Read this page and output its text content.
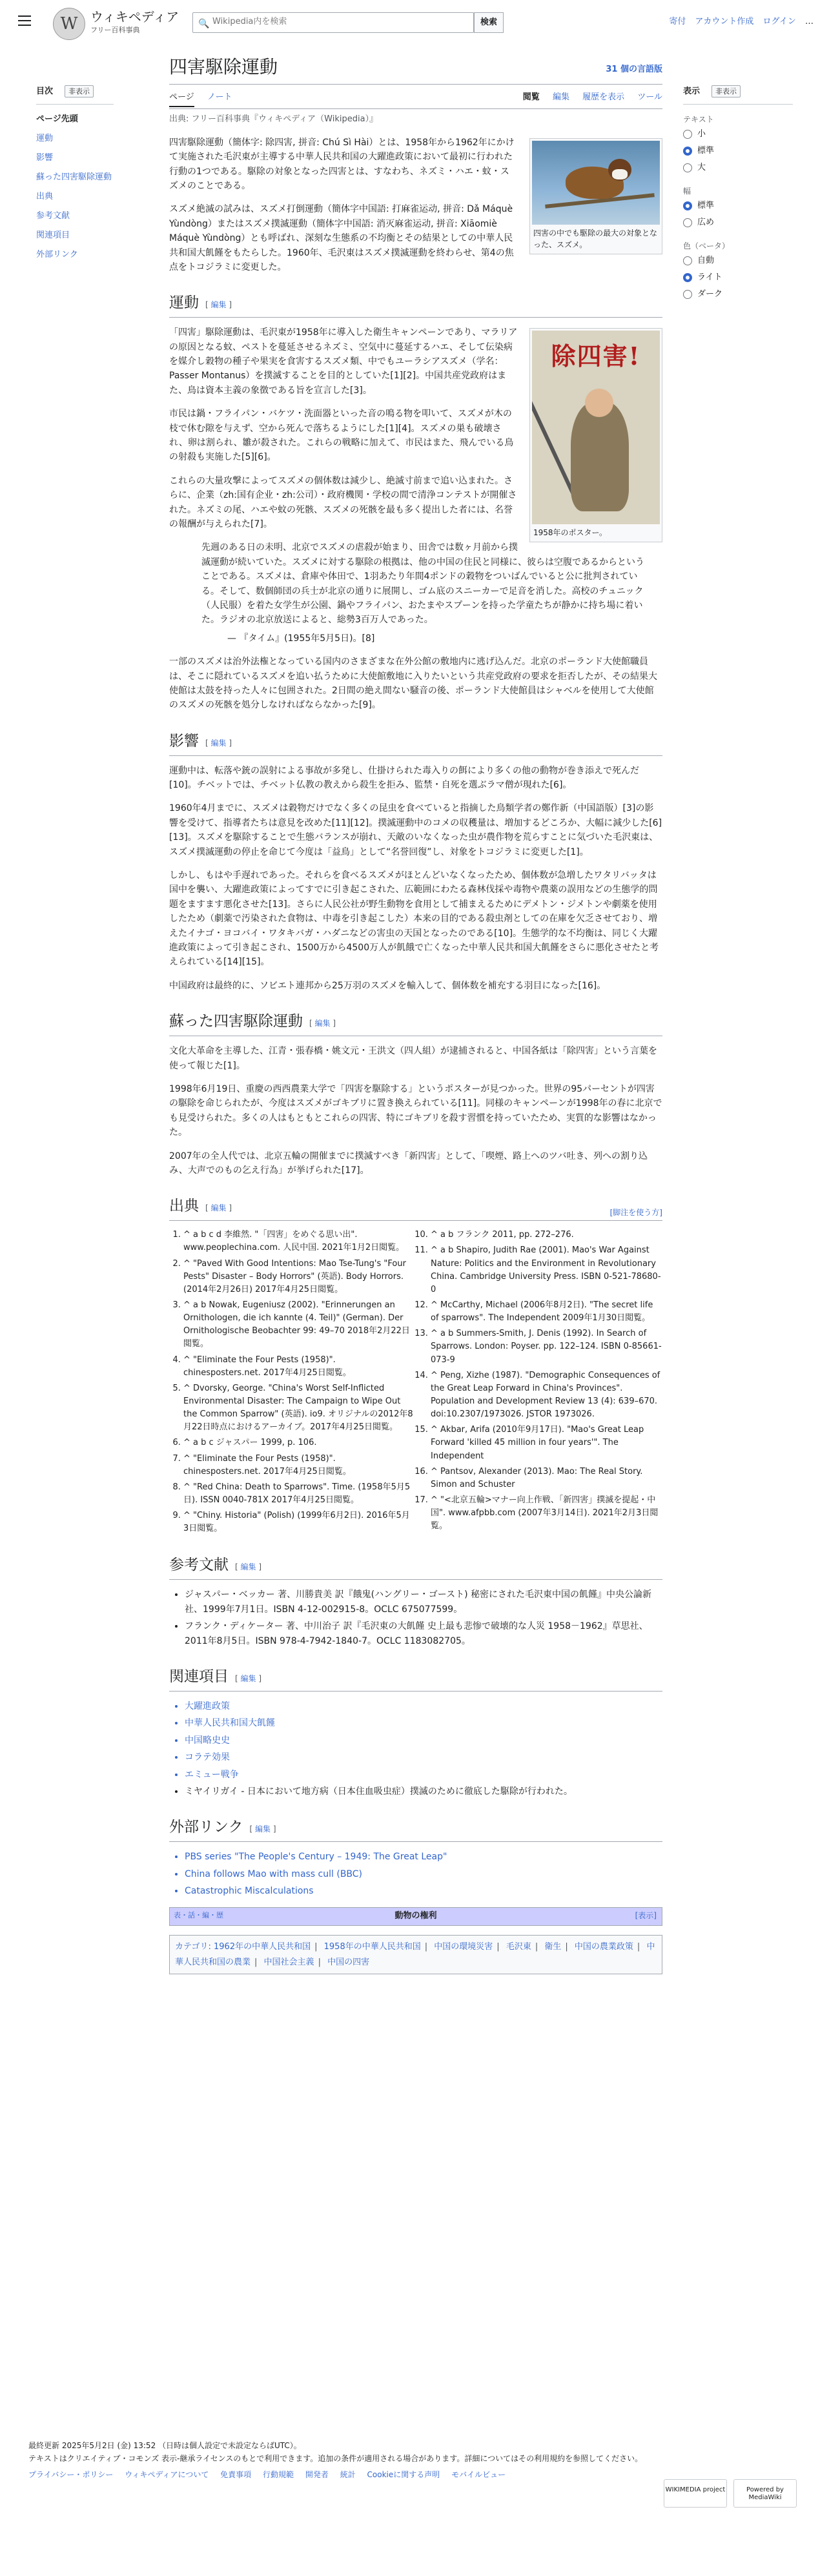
W ウィキペディア
フリー百科事典
🔍
Wikipedia内を検索	検索	寄付 アカウント作成 ログイン …
目次 非表示
ページ先頭
運動
影響
蘇った四害駆除運動
出典
参考文献
関連項目
外部リンク
四害駆除運動	31 個の言語版
ページ ノート	閲覧 編集 履歴を表示 ツール
出典: フリー百科事典『ウィキペディア（Wikipedia）』
四害の中でも駆除の最大の対象となった、スズメ。

四害駆除運動（簡体字: 除四害, 拼音: Chú Sì Hài）とは、1958年から1962年にかけて実施された毛沢東が主導する中華人民共和国の大躍進政策において最初に行われた行動の1つである。駆除の対象となった四害とは、すなわち、ネズミ・ハエ・蚊・スズメのことである。

スズメ絶滅の試みは、スズメ打倒運動（簡体字中国語: 打麻雀运动, 拼音: Dǎ Máquè Yùndòng）またはスズメ撲滅運動（簡体字中国語: 消灭麻雀运动, 拼音: Xiāomiè Máquè Yùndòng）とも呼ばれ、深刻な生態系の不均衡とその結果としての中華人民共和国大飢饉をもたらした。1960年、毛沢東はスズメ撲滅運動を終わらせ、第4の焦点をトコジラミに変更した。

運動 [ 編集 ]
除四害!
1958年のポスター。

「四害」駆除運動は、毛沢東が1958年に導入した衛生キャンペーンであり、マラリアの原因となる蚊、ペストを蔓延させるネズミ、空気中に蔓延するハエ、そして伝染病を媒介し穀物の種子や果実を食害するスズメ類、中でもユーラシアスズメ（学名：Passer Montanus）を撲滅することを目的としていた[1][2]。中国共産党政府はまた、鳥は資本主義の象徴である旨を宣言した[3]。

市民は鍋・フライパン・バケツ・洗面器といった音の鳴る物を叩いて、スズメが木の枝で休む隙を与えず、空から死んで落ちるようにした[1][4]。スズメの巣も破壊され、卵は割られ、雛が殺された。これらの戦略に加えて、市民はまた、飛んでいる鳥の射殺も実施した[5][6]。

これらの大量攻撃によってスズメの個体数は減少し、絶滅寸前まで追い込まれた。さらに、企業（zh:国有企业・zh:公司）・政府機関・学校の間で清浄コンテストが開催された。ネズミの尾、ハエや蚊の死骸、スズメの死骸を最も多く提出した者には、名誉の報酬が与えられた[7]。

先週のある日の未明、北京でスズメの虐殺が始まり、田舎では数ヶ月前から撲滅運動が続いていた。スズメに対する駆除の根拠は、他の中国の住民と同様に、彼らは空腹であるからということである。スズメは、倉庫や体田で、1羽あたり年間4ポンドの穀物をついばんでいると公に批判されている。そして、数個師団の兵士が北京の通りに展開し、ゴム底のスニーカーで足音を消した。高校のチュニック（人民服）を着た女学生が公園、鍋やフライパン、おたまやスプーンを持った学童たちが静かに持ち場に着いた。ラジオの北京放送によると、総勢3百万人であった。
— 『タイム』(1955年5月5日)。[8]

一部のスズメは治外法権となっている国内のさまざまな在外公館の敷地内に逃げ込んだ。北京のポーランド大使館職員は、そこに隠れているスズメを追い払うために大使館敷地に入りたいという共産党政府の要求を拒否したが、その結果大使館は太鼓を持った人々に包囲された。2日間の絶え間ない騒音の後、ポーランド大使館員はシャベルを使用して大使館のスズメの死骸を処分しなければならなかった[9]。

影響 [ 編集 ]

運動中は、転落や銃の誤射による事故が多発し、仕掛けられた毒入りの餌により多くの他の動物が巻き添えで死んだ[10]。チベットでは、チベット仏教の教えから殺生を拒み、監禁・自死を選ぶラマ僧が現れた[6]。

1960年4月までに、スズメは穀物だけでなく多くの昆虫を食べていると指摘した鳥類学者の鄭作新（中国語版）[3]の影響を受けて、指導者たちは意見を改めた[11][12]。撲滅運動中のコメの収穫量は、増加するどころか、大幅に減少した[6][13]。スズメを駆除することで生態バランスが崩れ、天敵のいなくなった虫が農作物を荒らすことに気づいた毛沢東は、スズメ撲滅運動の停止を命じて今度は「益鳥」として“名誉回復”し、対象をトコジラミに変更した[1]。

しかし、もはや手遅れであった。それらを食べるスズメがほとんどいなくなったため、個体数が急増したワタリバッタは国中を襲い、大躍進政策によってすでに引き起こされた、広範囲にわたる森林伐採や毒物や農薬の誤用などの生態学的問題をますます悪化させた[13]。さらに人民公社が野生動物を食用として捕まえるためにデメトン・ジメトンや劇薬を使用したため（劇薬で汚染された食物は、中毒を引き起こした）本来の目的である殺虫剤としての在庫を欠乏させており、増えたイナゴ・ヨコバイ・ワタキバガ・ハダニなどの害虫の天国となったのである[10]。生態学的な不均衡は、同じく大躍進政策によって引き起こされ、1500万から4500万人が飢餓で亡くなった中華人民共和国大飢饉をさらに悪化させたと考えられている[14][15]。

中国政府は最終的に、ソビエト連邦から25万羽のスズメを輸入して、個体数を補充する羽目になった[16]。

蘇った四害駆除運動 [ 編集 ]

文化大革命を主導した、江青・張春橋・姚文元・王洪文（四人組）が逮捕されると、中国各紙は「除四害」という言葉を使って報じた[1]。

1998年6月19日、重慶の西西農業大学で「四害を駆除する」というポスターが見つかった。世界の95パーセントが四害の駆除を命じられたが、今度はスズメがゴキブリに置き換えられている[11]。同様のキャンペーンが1998年の春に北京でも見受けられた。多くの人はもともとこれらの四害、特にゴキブリを殺す習慣を持っていたため、実質的な影響はなかった。

2007年の全人代では、北京五輪の開催までに撲滅すべき「新四害」として、「喫煙、路上へのツバ吐き、列への割り込み、大声でのもの乞え行為」が挙げられた[17]。

出典 [ 編集 ]	[脚注を使う方]
1. ^ a b c d 李維然. "「四害」をめぐる思い出". www.peoplechina.com. 人民中国. 2021年1月2日閲覧。
2. ^ "Paved With Good Intentions: Mao Tse-Tung's "Four Pests" Disaster – Body Horrors" (英語). Body Horrors. (2014年2月26日) 2017年4月25日閲覧。
3. ^ a b Nowak, Eugeniusz (2002). "Erinnerungen an Ornithologen, die ich kannte (4. Teil)" (German). Der Ornithologische Beobachter 99: 49–70 2018年2月22日閲覧。
4. ^ "Eliminate the Four Pests (1958)". chinesposters.net. 2017年4月25日閲覧。
5. ^ Dvorsky, George. "China's Worst Self-Inflicted Environmental Disaster: The Campaign to Wipe Out the Common Sparrow" (英語). io9. オリジナルの2012年8月22日時点におけるアーカイブ。2017年4月25日閲覧。
6. ^ a b c ジャスパー 1999, p. 106.
7. ^ "Eliminate the Four Pests (1958)". chinesposters.net. 2017年4月25日閲覧。
8. ^ "Red China: Death to Sparrows". Time. (1958年5月5日). ISSN 0040-781X 2017年4月25日閲覧。
9. ^ "Chiny. Historia" (Polish) (1999年6月2日). 2016年5月3日閲覧。
10. ^ a b フランク 2011, pp. 272–276.
11. ^ a b Shapiro, Judith Rae (2001). Mao's War Against Nature: Politics and the Environment in Revolutionary China. Cambridge University Press. ISBN 0-521-78680-0
12. ^ McCarthy, Michael (2006年8月2日). "The secret life of sparrows". The Independent 2009年1月30日閲覧。
13. ^ a b Summers-Smith, J. Denis (1992). In Search of Sparrows. London: Poyser. pp. 122–124. ISBN 0-85661-073-9
14. ^ Peng, Xizhe (1987). "Demographic Consequences of the Great Leap Forward in China's Provinces". Population and Development Review 13 (4): 639–670. doi:10.2307/1973026. JSTOR 1973026.
15. ^ Akbar, Arifa (2010年9月17日). "Mao's Great Leap Forward 'killed 45 million in four years'". The Independent
16. ^ Pantsov, Alexander (2013). Mao: The Real Story. Simon and Schuster
17. ^ "<北京五輪>マナー向上作戦、「新四害」撲滅を提起・中国". www.afpbb.com (2007年3月14日). 2021年2月3日閲覧。
参考文献 [ 編集 ]
• ジャスパー・ベッカー 著、川勝貴美 訳『餓鬼(ハングリー・ゴースト) 秘密にされた毛沢東中国の飢饉』中央公論新社、1999年7月1日。ISBN 4-12-002915-8。OCLC 675077599。
• フランク・ディケーター 著、中川治子 訳『毛沢東の大飢饉 史上最も悲惨で破壊的な人災 1958－1962』草思社、2011年8月5日。ISBN 978-4-7942-1840-7。OCLC 1183082705。
関連項目 [ 編集 ]
• 大躍進政策
• 中華人民共和国大飢饉
• 中国略史史
• コラテ効果
• エミュー戦争
• ミヤイリガイ - 日本において地方病（日本住血吸虫症）撲滅のために徹底した駆除が行われた。
外部リンク [ 編集 ]
• PBS series "The People's Century – 1949: The Great Leap"
• China follows Mao with mass cull (BBC)
• Catastrophic Miscalculations
表・話・編・歴	動物の権利	[表示]
カテゴリ: 1962年の中華人民共和国 | 1958年の中華人民共和国 | 中国の環境災害 | 毛沢東 | 衛生 | 中国の農業政策 | 中華人民共和国の農業 | 中国社会主義 | 中国の四害
表示 非表示
テキスト
小
標準
大
幅
標準
広め
色（ベータ）
自動
ライト
ダーク
最終更新 2025年5月2日 (金) 13:52 （日時は個人設定で未設定ならばUTC）。
テキストはクリエイティブ・コモンズ 表示-継承ライセンスのもとで利用できます。追加の条件が適用される場合があります。詳細についてはその利用規約を参照してください。
プライバシー・ポリシー ウィキペディアについて 免責事項 行動規範 開発者 統計 Cookieに関する声明 モバイルビュー
WIKIMEDIA project	Powered by MediaWiki
